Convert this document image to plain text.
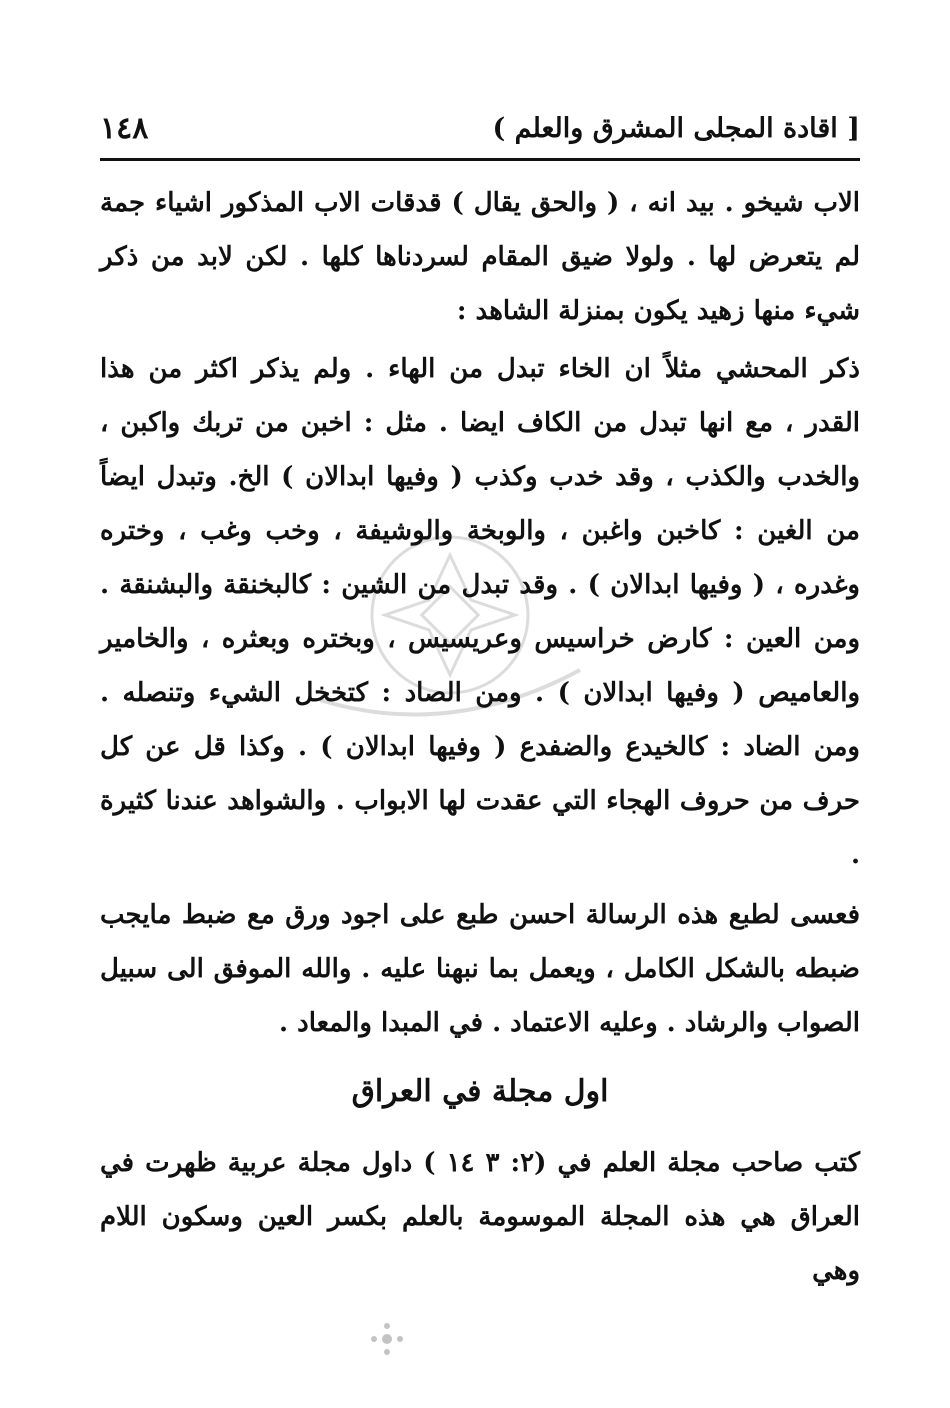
١٤٨	[ اقادة المجلى المشرق والعلم )

الاب شيخو . بيد انه ، ( والحق يقال ) قدقات الاب المذكور اشياء جمة لم يتعرض لها . ولولا ضيق المقام لسردناها كلها . لكن لابد من ذكر شيء منها زهيد يكون بمنزلة الشاهد :

ذكر المحشي مثلاً ان الخاء تبدل من الهاء . ولم يذكر اكثر من هذا القدر ، مع انها تبدل من الكاف ايضا . مثل : اخبن من تربك واكبن ، والخدب والكذب ، وقد خدب وكذب ( وفيها ابدالان ) الخ. وتبدل ايضاً من الغين : كاخبن واغبن ، والوبخة والوشيفة ، وخب وغب ، وختره وغدره ، ( وفيها ابدالان ) . وقد تبدل من الشين : كالبخنقة والبشنقة . ومن العين : كارض خراسيس وعريسيس ، وبختره وبعثره ، والخامير والعاميص ( وفيها ابدالان ) . ومن الصاد : كتخخل الشيء وتنصله . ومن الضاد : كالخيدع والضفدع ( وفيها ابدالان ) . وكذا قل عن كل حرف من حروف الهجاء التي عقدت لها الابواب . والشواهد عندنا كثيرة .

فعسى لطبع هذه الرسالة احسن طبع على اجود ورق مع ضبط مايجب ضبطه بالشكل الكامل ، ويعمل بما نبهنا عليه . والله الموفق الى سبيل الصواب والرشاد . وعليه الاعتماد . في المبدا والمعاد .

اول مجلة في العراق

كتب صاحب مجلة العلم في (٢: ٣ ١٤ ) داول مجلة عربية ظهرت في العراق هي هذه المجلة الموسومة بالعلم بكسر العين وسكون اللام وهي
